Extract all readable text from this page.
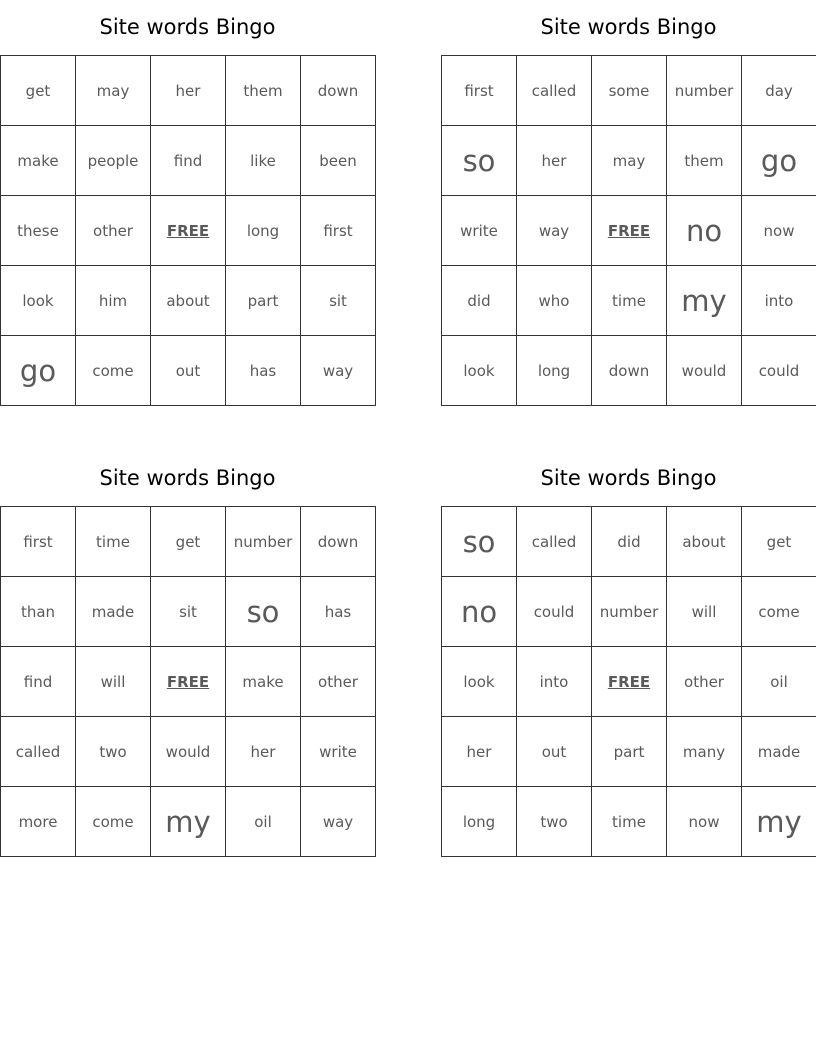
Site words Bingo
get	may	her	them	down
make	people	find	like	been
these	other	FREE	long	first
look	him	about	part	sit
go	come	out	has	way
Site words Bingo
first	called	some	number	day
so	her	may	them	go
write	way	FREE	no	now
did	who	time	my	into
look	long	down	would	could
Site words Bingo
first	time	get	number	down
than	made	sit	so	has
find	will	FREE	make	other
called	two	would	her	write
more	come	my	oil	way
Site words Bingo
so	called	did	about	get
no	could	number	will	come
look	into	FREE	other	oil
her	out	part	many	made
long	two	time	now	my
